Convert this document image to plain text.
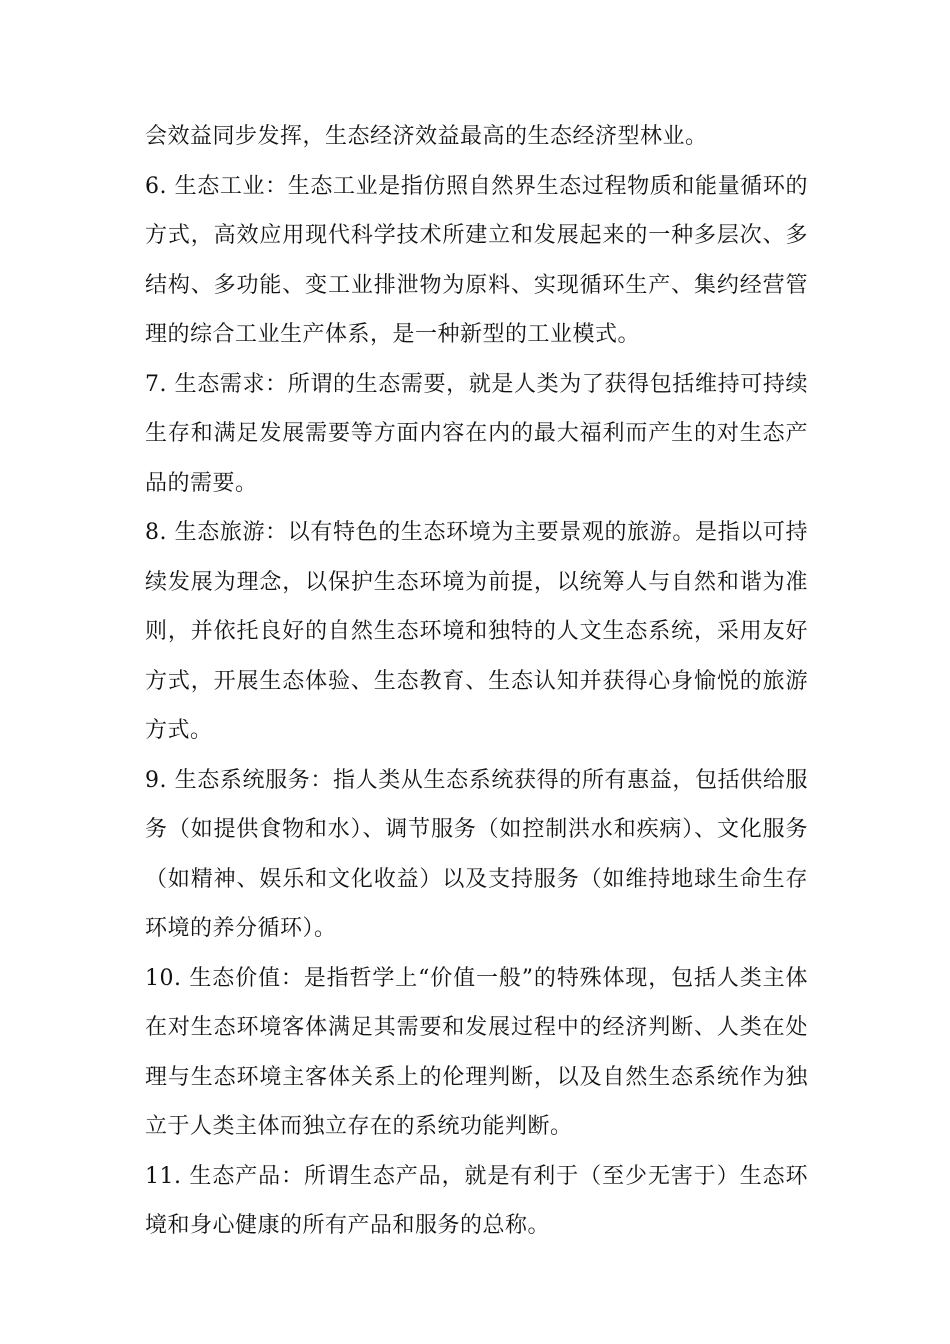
会效益同步发挥，生态经济效益最高的生态经济型林业。

6. 生态工业：生态工业是指仿照自然界生态过程物质和能量循环的方式，高效应用现代科学技术所建立和发展起来的一种多层次、多结构、多功能、变工业排泄物为原料、实现循环生产、集约经营管理的综合工业生产体系，是一种新型的工业模式。

7. 生态需求：所谓的生态需要，就是人类为了获得包括维持可持续生存和满足发展需要等方面内容在内的最大福利而产生的对生态产品的需要。

8. 生态旅游：以有特色的生态环境为主要景观的旅游。是指以可持续发展为理念，以保护生态环境为前提，以统筹人与自然和谐为准则，并依托良好的自然生态环境和独特的人文生态系统，采用友好方式，开展生态体验、生态教育、生态认知并获得心身愉悦的旅游方式。

9. 生态系统服务：指人类从生态系统获得的所有惠益，包括供给服务（如提供食物和水）、调节服务（如控制洪水和疾病）、文化服务（如精神、娱乐和文化收益）以及支持服务（如维持地球生命生存环境的养分循环）。

10. 生态价值：是指哲学上“价值一般”的特殊体现，包括人类主体在对生态环境客体满足其需要和发展过程中的经济判断、人类在处理与生态环境主客体关系上的伦理判断，以及自然生态系统作为独立于人类主体而独立存在的系统功能判断。

11. 生态产品：所谓生态产品，就是有利于（至少无害于）生态环境和身心健康的所有产品和服务的总称。
